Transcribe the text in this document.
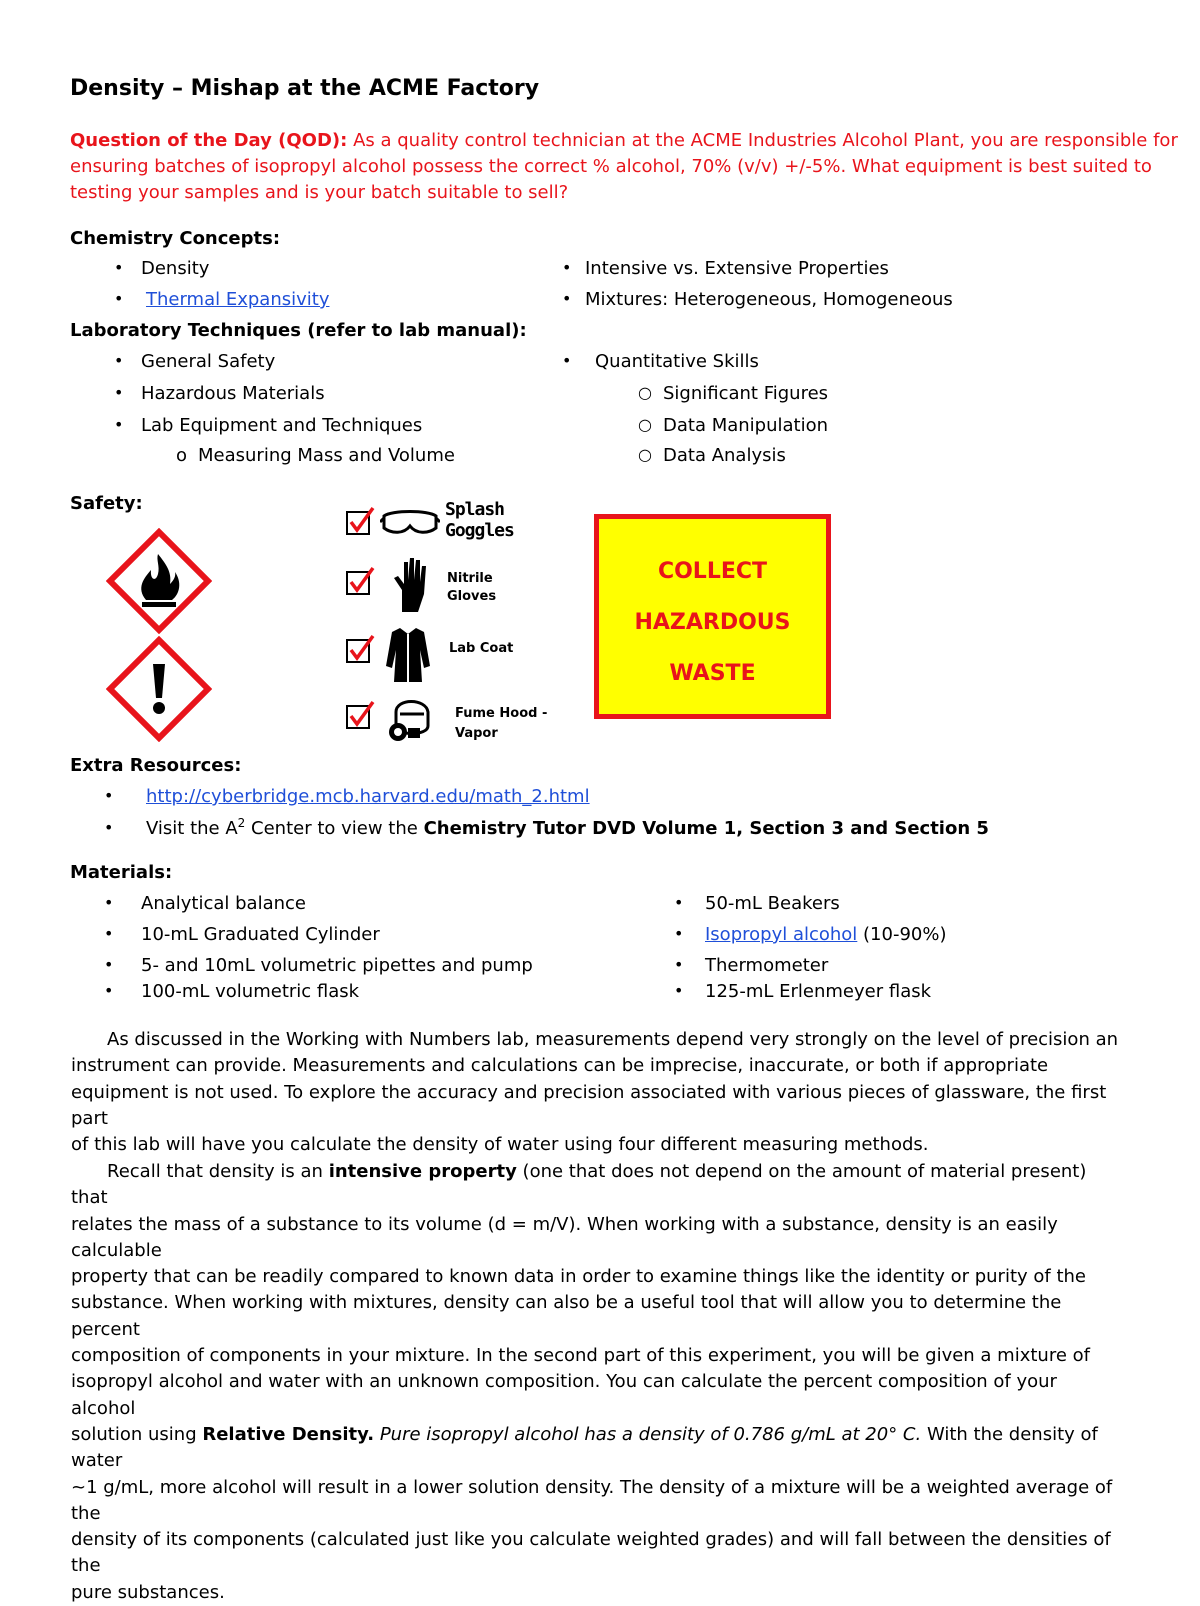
Density – Mishap at the ACME Factory
Question of the Day (QOD): As a quality control technician at the ACME Industries Alcohol Plant, you are responsible for
ensuring batches of isopropyl alcohol possess the correct % alcohol, 70% (v/v) +/-5%. What equipment is best suited to
testing your samples and is your batch suitable to sell?
Chemistry Concepts:
• Density
• Thermal Expansivity
• Intensive vs. Extensive Properties
• Mixtures: Heterogeneous, Homogeneous
Laboratory Techniques (refer to lab manual):
• General Safety
• Hazardous Materials
• Lab Equipment and Techniques
o Measuring Mass and Volume
• Quantitative Skills
○ Significant Figures
○ Data Manipulation
○ Data Analysis
Safety:	Splash
Goggles
Nitrile
Gloves
Lab Coat
Fume Hood -
Vapor
COLLECT
HAZARDOUS
WASTE
Extra Resources:
• http://cyberbridge.mcb.harvard.edu/math_2.html
• Visit the $A^2$ Center to view the Chemistry Tutor DVD Volume 1, Section 3 and Section 5
Materials:
• Analytical balance
• 10-mL Graduated Cylinder
• 5- and 10mL volumetric pipettes and pump
• 100-mL volumetric flask
• 50-mL Beakers
• Isopropyl alcohol (10-90%)
• Thermometer
• 125-mL Erlenmeyer flask
As discussed in the Working with Numbers lab, measurements depend very strongly on the level of precision an
instrument can provide. Measurements and calculations can be imprecise, inaccurate, or both if appropriate
equipment is not used. To explore the accuracy and precision associated with various pieces of glassware, the first part
of this lab will have you calculate the density of water using four different measuring methods.
Recall that density is an intensive property (one that does not depend on the amount of material present) that
relates the mass of a substance to its volume (d = m/V). When working with a substance, density is an easily calculable
property that can be readily compared to known data in order to examine things like the identity or purity of the
substance. When working with mixtures, density can also be a useful tool that will allow you to determine the percent
composition of components in your mixture. In the second part of this experiment, you will be given a mixture of
isopropyl alcohol and water with an unknown composition. You can calculate the percent composition of your alcohol
solution using Relative Density. Pure isopropyl alcohol has a density of 0.786 g/mL at 20° C. With the density of water
~1 g/mL, more alcohol will result in a lower solution density. The density of a mixture will be a weighted average of the
density of its components (calculated just like you calculate weighted grades) and will fall between the densities of the
pure substances.
